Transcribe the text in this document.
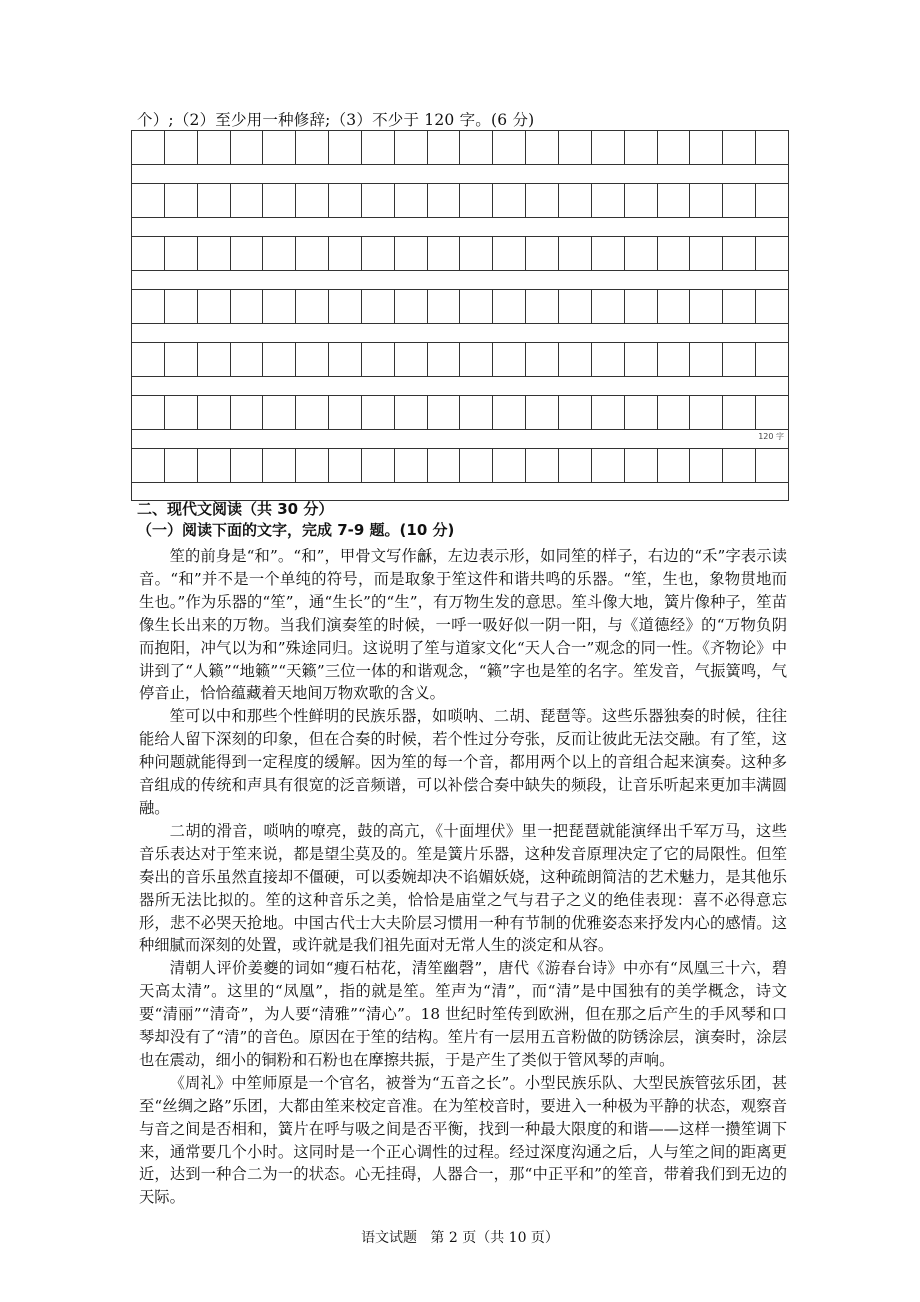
个）;（2）至少用一种修辞;（3）不少于 120 字。(6 分)
120 字
二、现代文阅读（共 30 分）
（一）阅读下面的文字，完成 7-9 题。(10 分)

笙的前身是“和”。“和”，甲骨文写作龢，左边表示形，如同笙的样子，右边的“禾”字表示读音。“和”并不是一个单纯的符号，而是取象于笙这件和谐共鸣的乐器。“笙，生也，象物贯地而生也。”作为乐器的“笙”，通“生长”的“生”，有万物生发的意思。笙斗像大地，簧片像种子，笙苗像生长出来的万物。当我们演奏笙的时候，一呼一吸好似一阴一阳，与《道德经》的“万物负阴而抱阳，冲气以为和”殊途同归。这说明了笙与道家文化“天人合一”观念的同一性。《齐物论》中讲到了“人籁”“地籁”“天籁”三位一体的和谐观念，“籁”字也是笙的名字。笙发音，气振簧鸣，气停音止，恰恰蕴藏着天地间万物欢歌的含义。

笙可以中和那些个性鲜明的民族乐器，如唢呐、二胡、琵琶等。这些乐器独奏的时候，往往能给人留下深刻的印象，但在合奏的时候，若个性过分夸张，反而让彼此无法交融。有了笙，这种问题就能得到一定程度的缓解。因为笙的每一个音，都用两个以上的音组合起来演奏。这种多音组成的传统和声具有很宽的泛音频谱，可以补偿合奏中缺失的频段，让音乐听起来更加丰满圆融。

二胡的滑音，唢呐的嘹亮，鼓的高亢，《十面埋伏》里一把琵琶就能演绎出千军万马，这些音乐表达对于笙来说，都是望尘莫及的。笙是簧片乐器，这种发音原理决定了它的局限性。但笙奏出的音乐虽然直接却不僵硬，可以委婉却决不谄媚妖娆，这种疏朗简洁的艺术魅力，是其他乐器所无法比拟的。笙的这种音乐之美，恰恰是庙堂之气与君子之义的绝佳表现：喜不必得意忘形，悲不必哭天抢地。中国古代士大夫阶层习惯用一种有节制的优雅姿态来抒发内心的感情。这种细腻而深刻的处置，或许就是我们祖先面对无常人生的淡定和从容。

清朝人评价姜夔的词如“瘦石枯花，清笙幽磬”，唐代《游春台诗》中亦有“凤凰三十六，碧天高太清”。这里的“凤凰”，指的就是笙。笙声为“清”，而“清”是中国独有的美学概念，诗文要“清丽”“清奇”，为人要“清雅”“清心”。18 世纪时笙传到欧洲，但在那之后产生的手风琴和口琴却没有了“清”的音色。原因在于笙的结构。笙片有一层用五音粉做的防锈涂层，演奏时，涂层也在震动，细小的铜粉和石粉也在摩擦共振，于是产生了类似于管风琴的声响。

《周礼》中笙师原是一个官名，被誉为“五音之长”。小型民族乐队、大型民族管弦乐团，甚至“丝绸之路”乐团，大都由笙来校定音准。在为笙校音时，要进入一种极为平静的状态，观察音与音之间是否相和，簧片在呼与吸之间是否平衡，找到一种最大限度的和谐——这样一攒笙调下来，通常要几个小时。这同时是一个正心调性的过程。经过深度沟通之后，人与笙之间的距离更近，达到一种合二为一的状态。心无挂碍，人器合一，那“中正平和”的笙音，带着我们到无边的天际。

语文试题   第 2 页（共 10 页）
